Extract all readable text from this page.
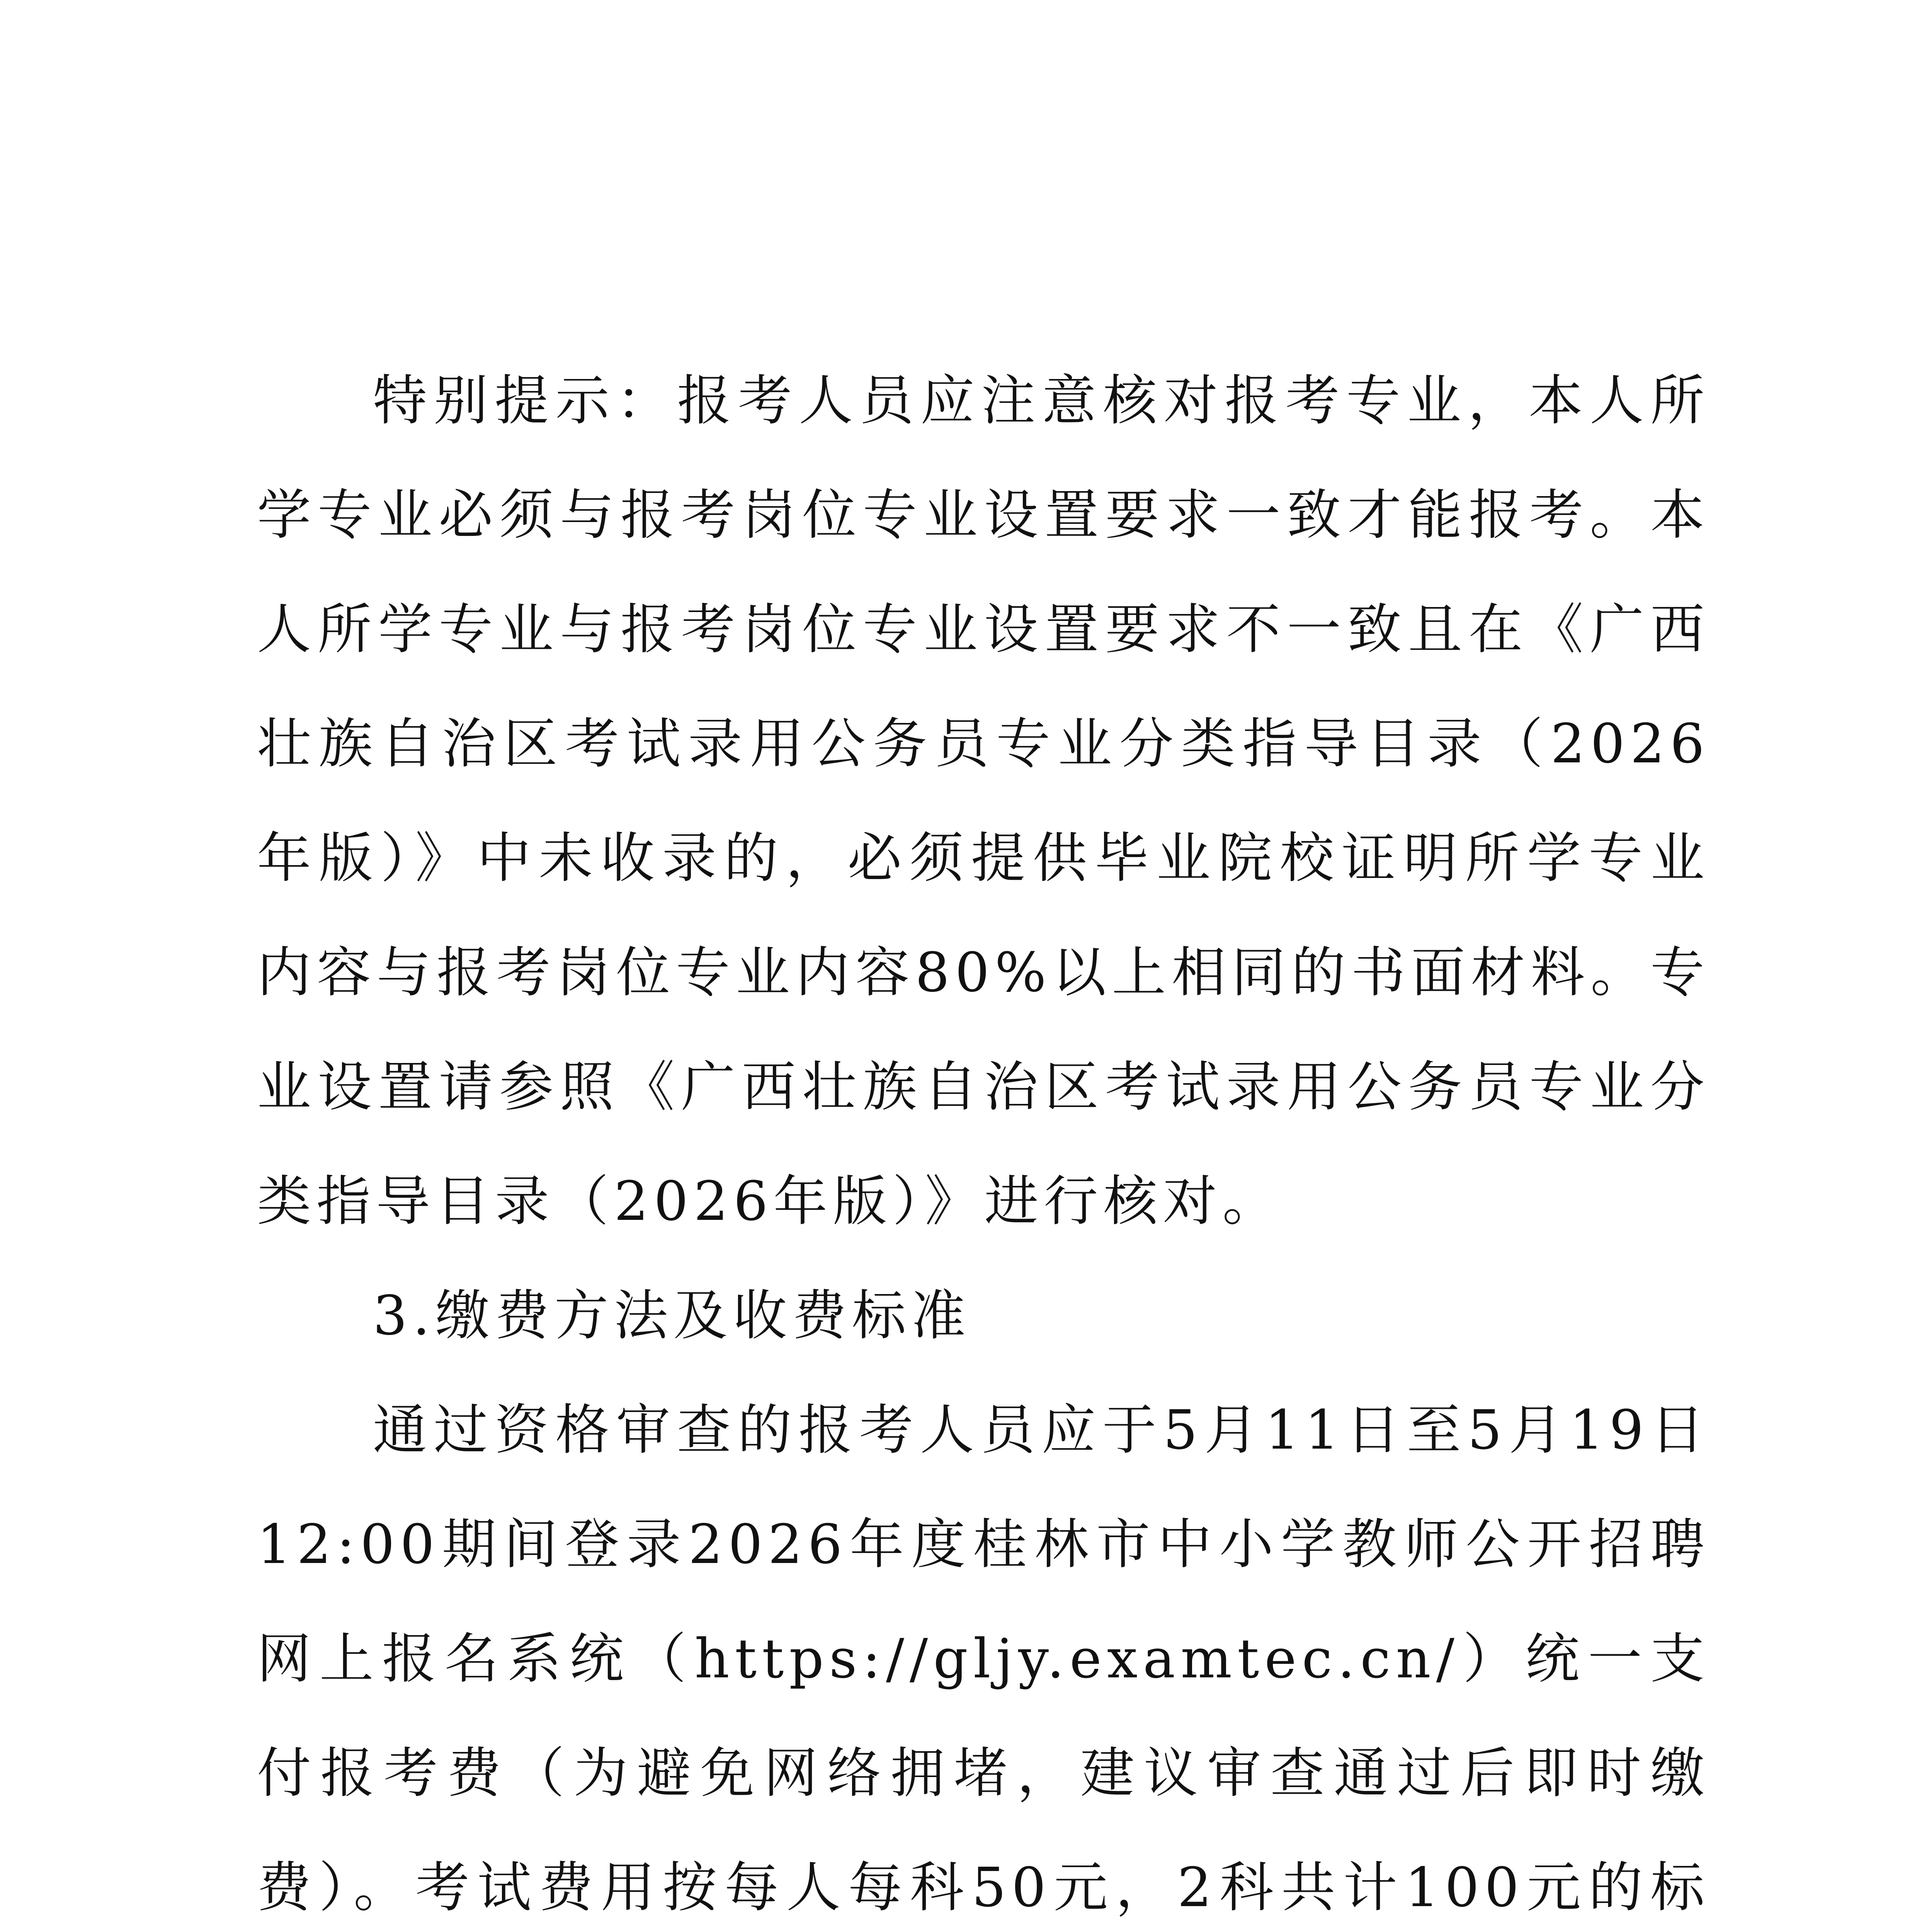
特别提示：报考人员应注意核对报考专业，本人所学专业必须与报考岗位专业设置要求一致才能报考。本人所学专业与报考岗位专业设置要求不一致且在《广西壮族自治区考试录用公务员专业分类指导目录（2026年版）》中未收录的，必须提供毕业院校证明所学专业内容与报考岗位专业内容80%以上相同的书面材料。专业设置请参照《广西壮族自治区考试录用公务员专业分类指导目录（2026年版）》进行核对。

3.缴费方法及收费标准

通过资格审查的报考人员应于5月11日至5月19日12:00期间登录2026年度桂林市中小学教师公开招聘网上报名系统（https://gljy.examtec.cn/）统一支付报考费（为避免网络拥堵，建议审查通过后即时缴费）。考试费用按每人每科50元，2科共计100元的标
